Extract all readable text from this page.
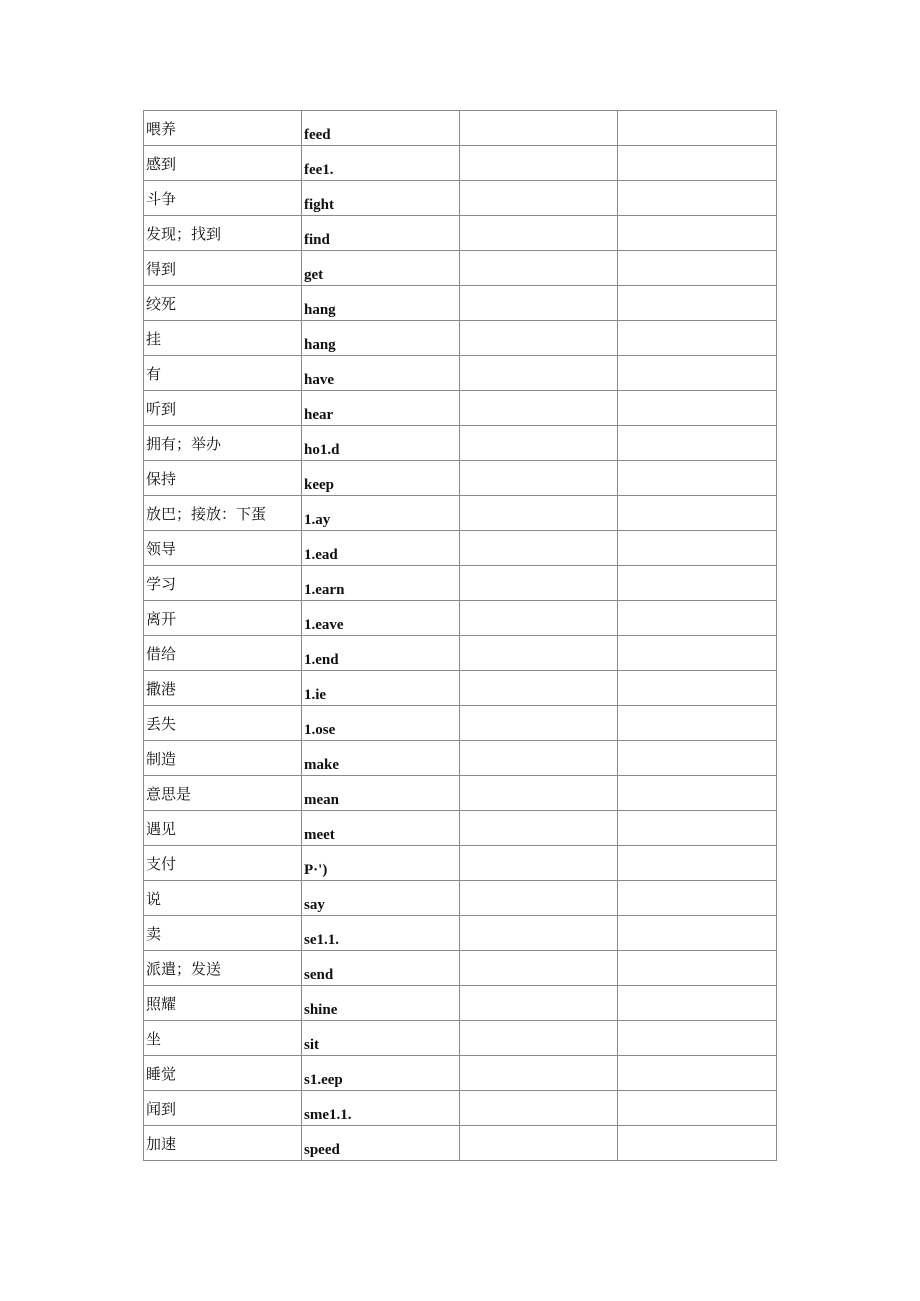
喂养	feed		
感到	fee1.		
斗争	fight		
发现；找到	find		
得到	get		
绞死	hang		
挂	hang		
有	have		
听到	hear		
拥有；举办	ho1.d		
保持	keep		
放巴；接放：下蛋	1.ay		
领导	1.ead		
学习	1.earn		
离开	1.eave		
借给	1.end		
撒港	1.ie		
丢失	1.ose		
制造	make		
意思是	mean		
遇见	meet		
支付	P·')		
说	say		
卖	se1.1.		
派遣；发送	send		
照耀	shine		
坐	sit		
睡觉	s1.eep		
闻到	sme1.1.		
加速	speed		
